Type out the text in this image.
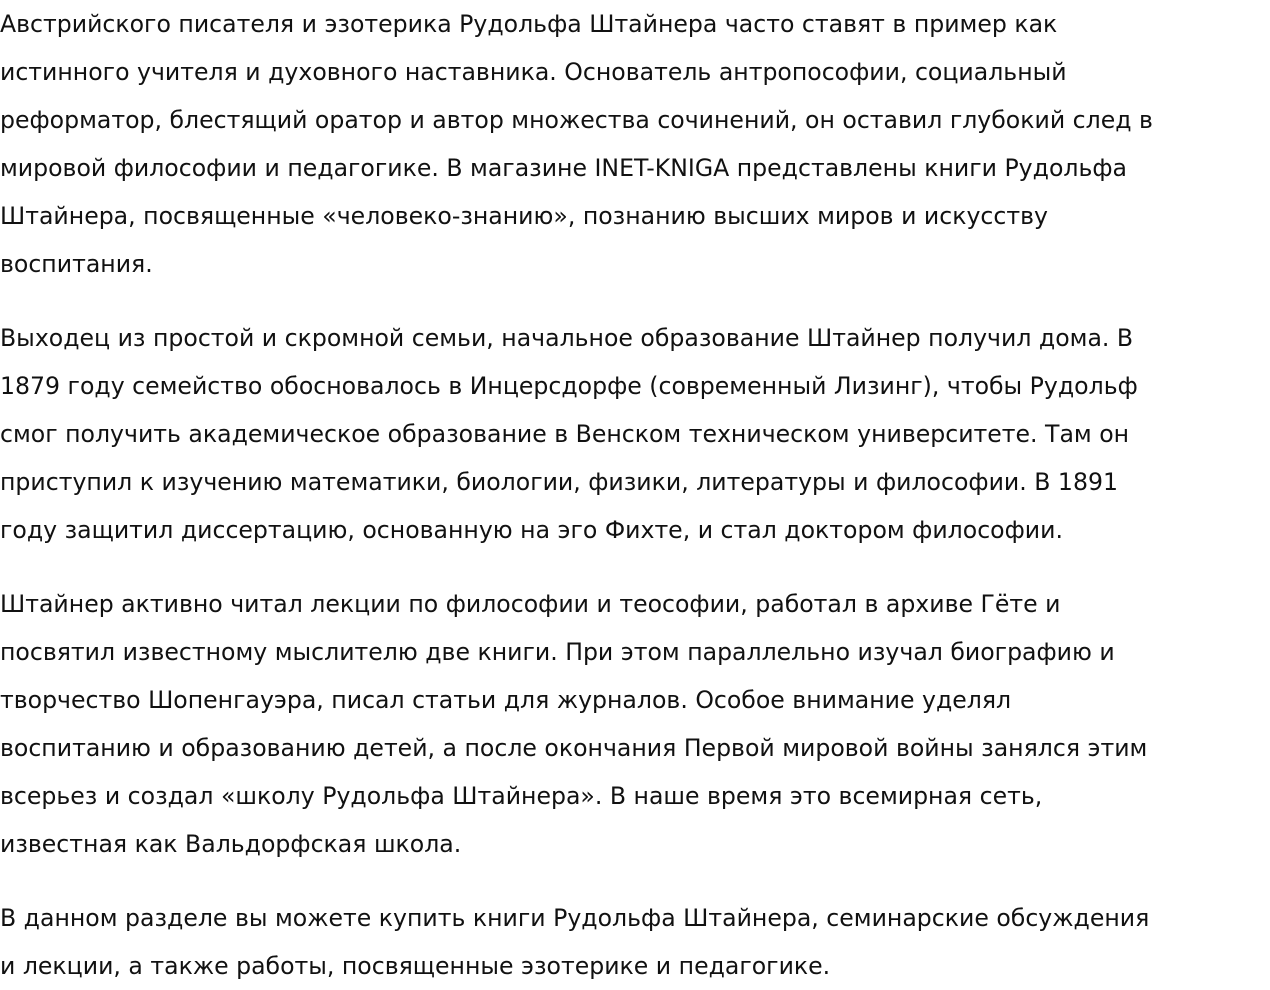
Австрийского писателя и эзотерика Рудольфа Штайнера часто ставят в пример как
истинного учителя и духовного наставника. Основатель антропософии, социальный
реформатор, блестящий оратор и автор множества сочинений, он оставил глубокий след в
мировой философии и педагогике. В магазине INET-KNIGA представлены книги Рудольфа
Штайнера, посвященные «человеко-знанию», познанию высших миров и искусству
воспитания.

Выходец из простой и скромной семьи, начальное образование Штайнер получил дома. В
1879 году семейство обосновалось в Инцерсдорфе (современный Лизинг), чтобы Рудольф
смог получить академическое образование в Венском техническом университете. Там он
приступил к изучению математики, биологии, физики, литературы и философии. В 1891
году защитил диссертацию, основанную на эго Фихте, и стал доктором философии.

Штайнер активно читал лекции по философии и теософии, работал в архиве Гёте и
посвятил известному мыслителю две книги. При этом параллельно изучал биографию и
творчество Шопенгауэра, писал статьи для журналов. Особое внимание уделял
воспитанию и образованию детей, а после окончания Первой мировой войны занялся этим
всерьез и создал «школу Рудольфа Штайнера». В наше время это всемирная сеть,
известная как Вальдорфская школа.

В данном разделе вы можете купить книги Рудольфа Штайнера, семинарские обсуждения
и лекции, а также работы, посвященные эзотерике и педагогике.
